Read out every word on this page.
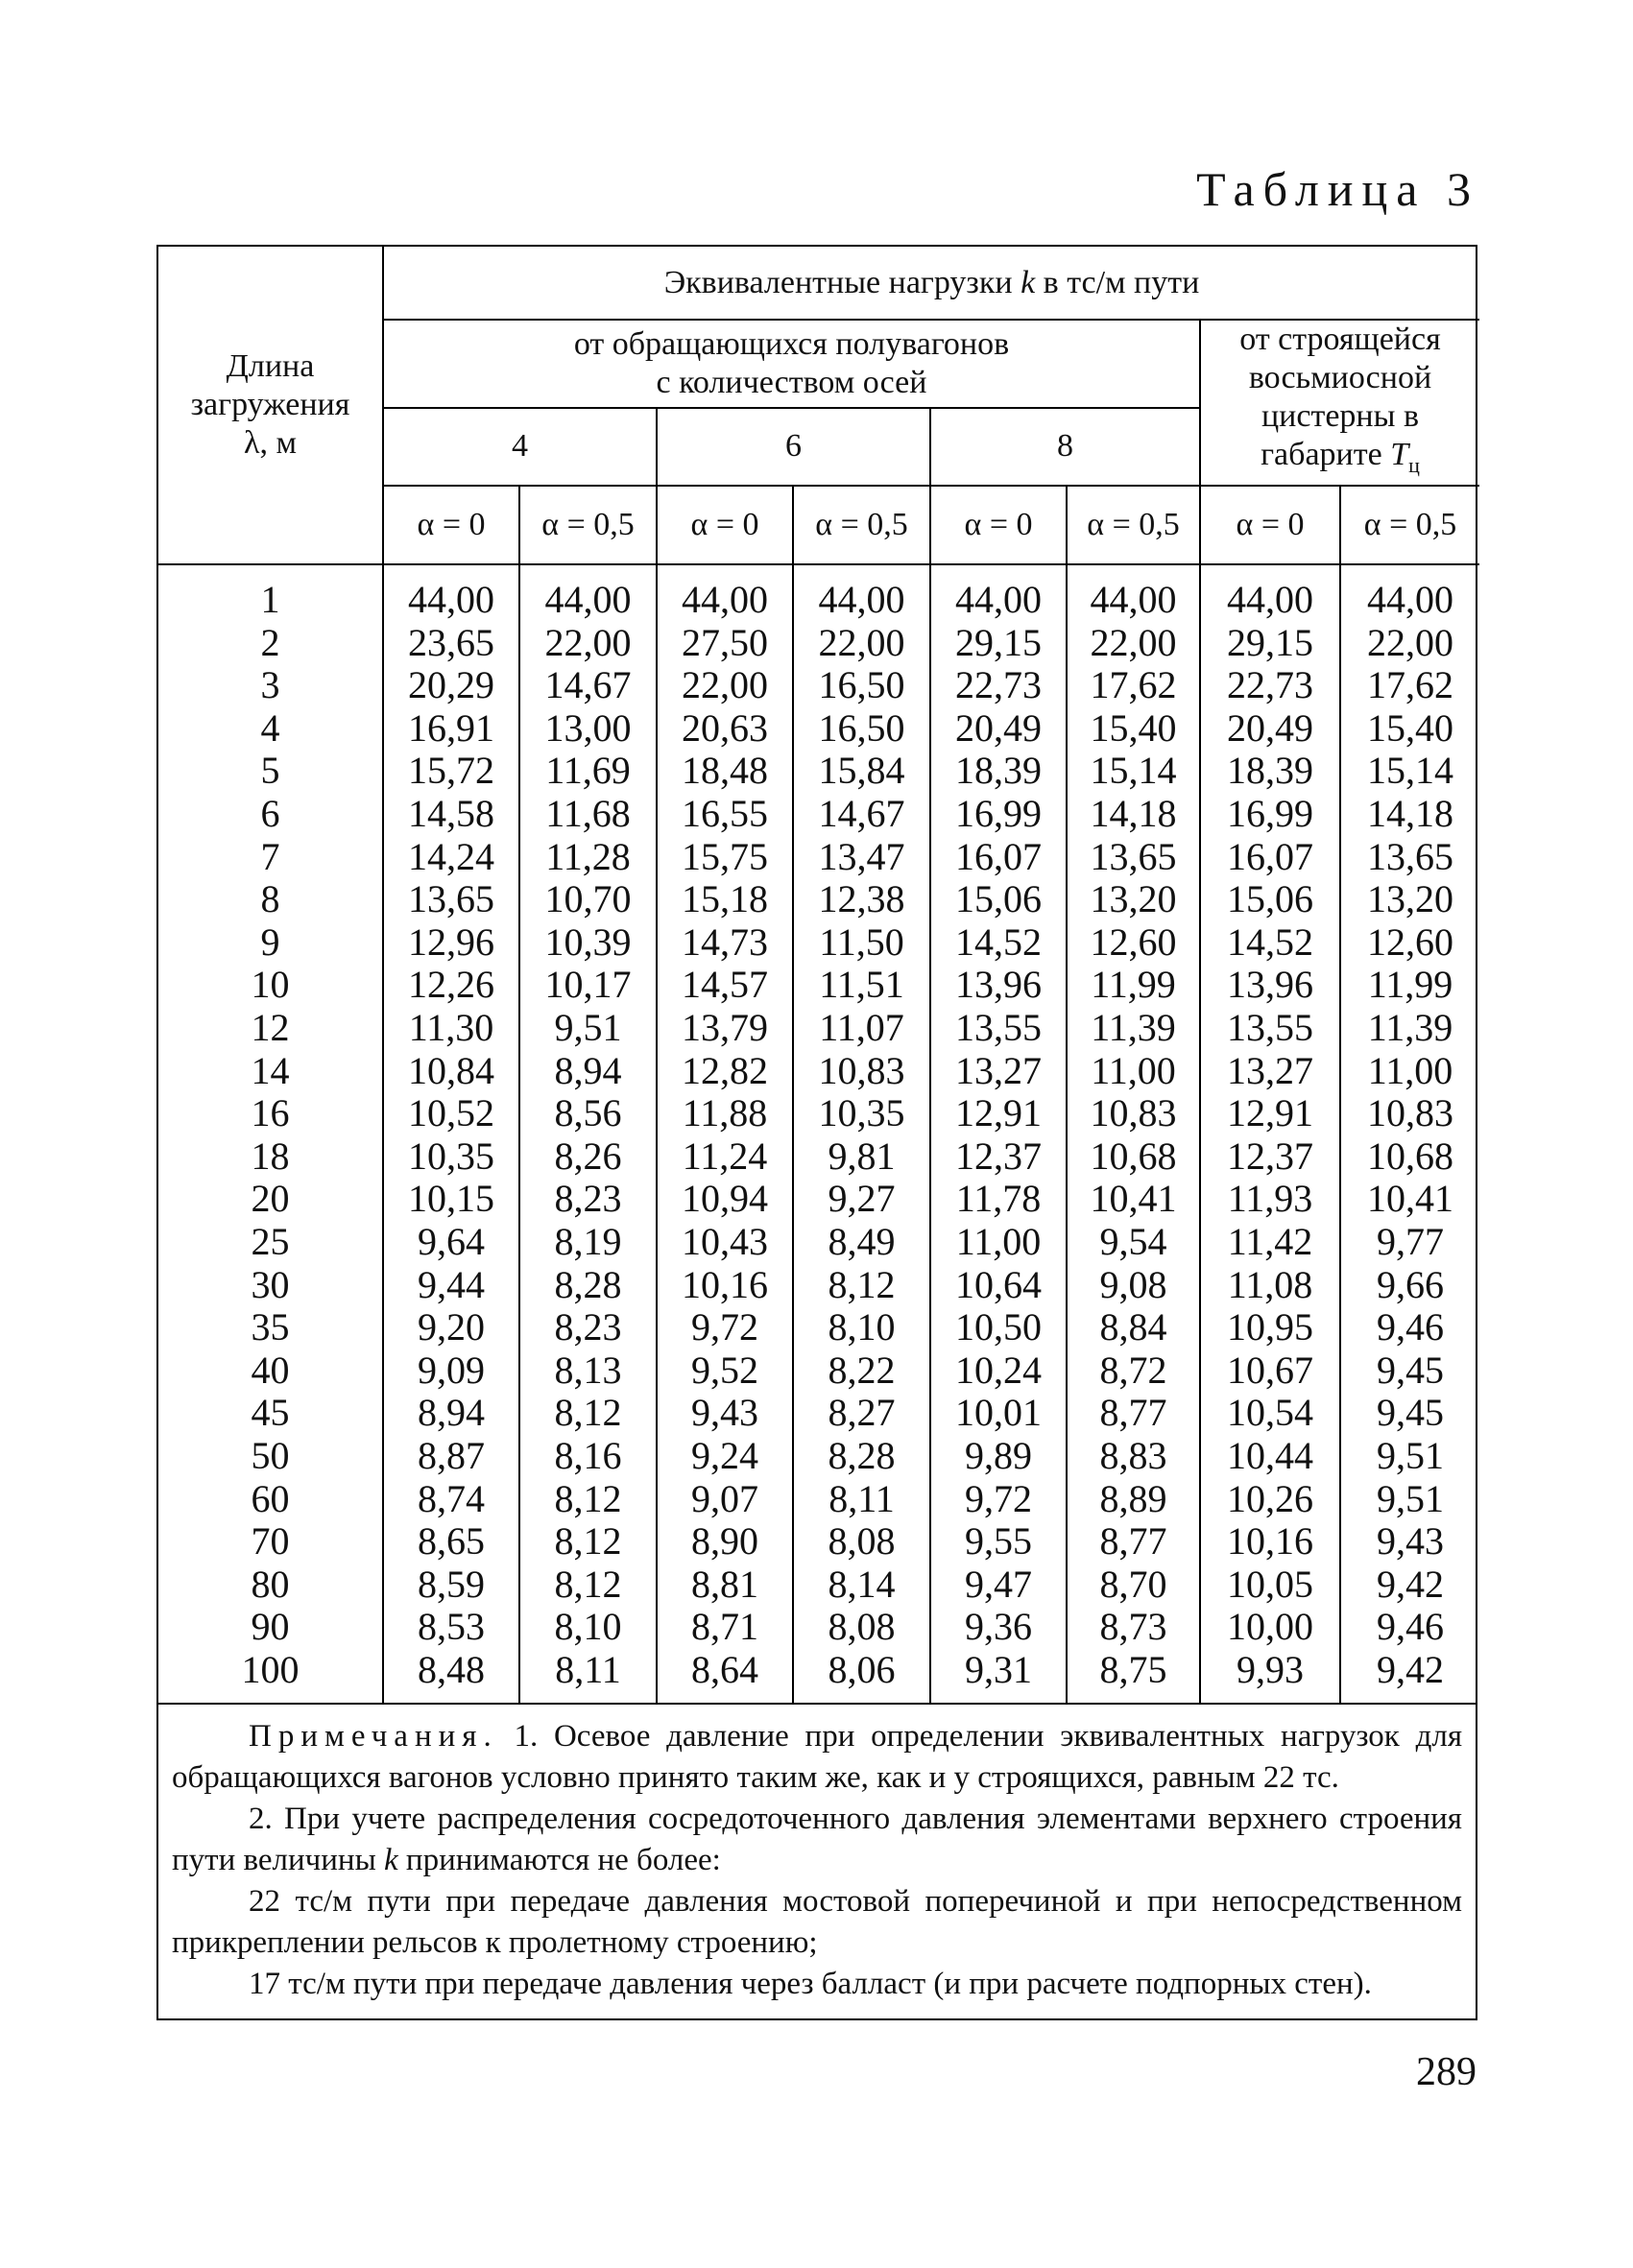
Таблица 3
Длина
загружения
λ, м	Эквивалентные нагрузки k в тс/м пути							
	от обращающихся полувагонов
с количеством осей						от строящейся
восьмиосной
цистерны в
габарите $T_ц$
	4		6		8			
	α = 0	α = 0,5	α = 0	α = 0,5	α = 0	α = 0,5	α = 0	α = 0,5
1	44,00	44,00	44,00	44,00	44,00	44,00	44,00	44,00
2	23,65	22,00	27,50	22,00	29,15	22,00	29,15	22,00
3	20,29	14,67	22,00	16,50	22,73	17,62	22,73	17,62
4	16,91	13,00	20,63	16,50	20,49	15,40	20,49	15,40
5	15,72	11,69	18,48	15,84	18,39	15,14	18,39	15,14
6	14,58	11,68	16,55	14,67	16,99	14,18	16,99	14,18
7	14,24	11,28	15,75	13,47	16,07	13,65	16,07	13,65
8	13,65	10,70	15,18	12,38	15,06	13,20	15,06	13,20
9	12,96	10,39	14,73	11,50	14,52	12,60	14,52	12,60
10	12,26	10,17	14,57	11,51	13,96	11,99	13,96	11,99
12	11,30	9,51	13,79	11,07	13,55	11,39	13,55	11,39
14	10,84	8,94	12,82	10,83	13,27	11,00	13,27	11,00
16	10,52	8,56	11,88	10,35	12,91	10,83	12,91	10,83
18	10,35	8,26	11,24	9,81	12,37	10,68	12,37	10,68
20	10,15	8,23	10,94	9,27	11,78	10,41	11,93	10,41
25	9,64	8,19	10,43	8,49	11,00	9,54	11,42	9,77
30	9,44	8,28	10,16	8,12	10,64	9,08	11,08	9,66
35	9,20	8,23	9,72	8,10	10,50	8,84	10,95	9,46
40	9,09	8,13	9,52	8,22	10,24	8,72	10,67	9,45
45	8,94	8,12	9,43	8,27	10,01	8,77	10,54	9,45
50	8,87	8,16	9,24	8,28	9,89	8,83	10,44	9,51
60	8,74	8,12	9,07	8,11	9,72	8,89	10,26	9,51
70	8,65	8,12	8,90	8,08	9,55	8,77	10,16	9,43
80	8,59	8,12	8,81	8,14	9,47	8,70	10,05	9,42
90	8,53	8,10	8,71	8,08	9,36	8,73	10,00	9,46
100	8,48	8,11	8,64	8,06	9,31	8,75	9,93	9,42

Примечания. 1. Осевое давление при определении эквивалентных нагрузок для обращающихся вагонов условно принято таким же, как и у строящихся, равным 22 тс.

2. При учете распределения сосредоточенного давления элементами верхнего строения пути величины k принимаются не более:

22 тс/м пути при передаче давления мостовой поперечиной и при непосредственном прикреплении рельсов к пролетному строению;

17 тс/м пути при передаче давления через балласт (и при расчете подпорных стен).

289
